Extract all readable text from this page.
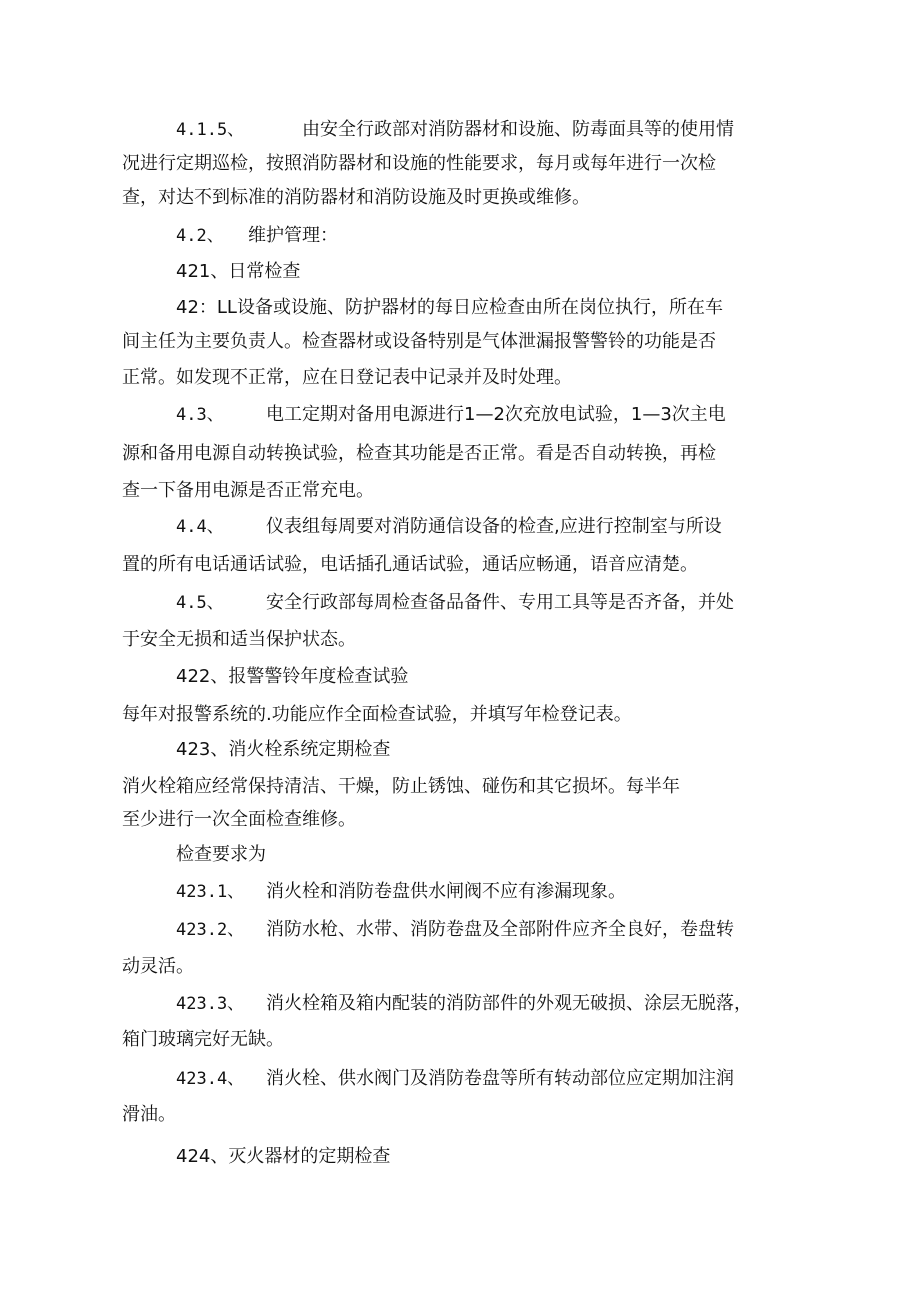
4.1.5、	由安全行政部对消防器材和设施、防毒面具等的使用情
况进行定期巡检，按照消防器材和设施的性能要求，每月或每年进行一次检
查，对达不到标准的消防器材和消防设施及时更换或维修。
4.2、 维护管理：
421、日常检查
42：LL设备或设施、防护器材的每日应检查由所在岗位执行，所在车
间主任为主要负责人。检查器材或设备特别是气体泄漏报警警铃的功能是否
正常。如发现不正常，应在日登记表中记录并及时处理。
4.3、 电工定期对备用电源进行1—2次充放电试验，1—3次主电
源和备用电源自动转换试验，检查其功能是否正常。看是否自动转换，再检
查一下备用电源是否正常充电。
4.4、 仪表组每周要对消防通信设备的检查,应进行控制室与所设
置的所有电话通话试验，电话插孔通话试验，通话应畅通，语音应清楚。
4.5、 安全行政部每周检查备品备件、专用工具等是否齐备，并处
于安全无损和适当保护状态。
422、报警警铃年度检查试验
每年对报警系统的.功能应作全面检查试验，并填写年检登记表。
423、消火栓系统定期检查
消火栓箱应经常保持清洁、干燥，防止锈蚀、碰伤和其它损坏。每半年
至少进行一次全面检查维修。
检查要求为
423.1、 消火栓和消防卷盘供水闸阀不应有渗漏现象。
423.2、 消防水枪、水带、消防卷盘及全部附件应齐全良好，卷盘转
动灵活。
423.3、 消火栓箱及箱内配装的消防部件的外观无破损、涂层无脱落，
箱门玻璃完好无缺。
423.4、 消火栓、供水阀门及消防卷盘等所有转动部位应定期加注润
滑油。
424、灭火器材的定期检查
